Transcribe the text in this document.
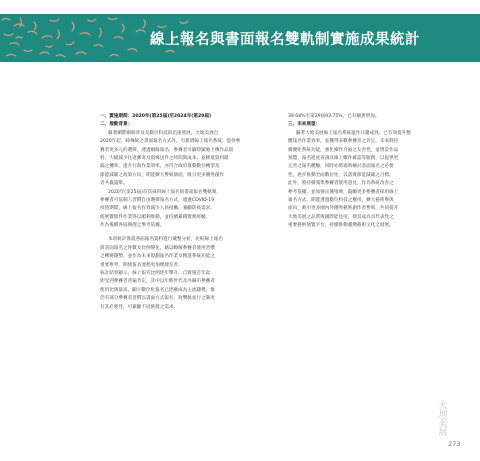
線上報名與書面報名雙軌制實施成果統計
一、實施期間：2020年(第25屆)至2024年(第29屆)
二、推動背景：
隨著網際網路普及及數位科技的迅速發展，大地美展自
2020年起，除傳統之書面報名方式外，另新增線上報名系統，提供參
賽者更多元的選擇，透過網路報名，參賽者可隨時隨地上傳作品資
料，大幅減少往返郵寄及現場送件之時間與成本，並降低資料錯
漏之機率，提升行政作業效率，亦符合政府推動數位轉型及
節能減碳之政策方向，期能擴大參與層面，吸引更多優秀創作
者共襄盛舉。
2020年(第25屆)首次採用線上報名與書面報名雙軌制，
參賽者可依個人習慣自由選擇報名方式，適逢COVID-19
疫情期間，線上報名有效減少人員接觸，兼顧防疫需求，
使展覽徵件作業得以順利推動，並持續累積實務經驗，
作為後續各屆辦理之參考依據。
本項統計係就各屆報名資料進行彙整分析，比較線上報名
與書面報名之件數及比例變化，藉以瞭解參賽者使用習慣
之轉變趨勢，並作為未來規劃報名作業及精進系統功能之
重要參考，期使報名流程更加便捷友善。
統計結果顯示，線上報名比例逐年攀升，自實施首年起
即受到參賽者普遍肯定，其中以年輕世代及外縣市參賽者
使用比例最高，顯示數位化報名已逐漸成為主流趨勢，惟
仍有部分參賽者習慣以書面方式報名，故雙軌並行之制度
有其必要性，可兼顧不同族群之需求。
39.68%至第29屆93.75%，已有顯著增加。
三、未來展望：
隨著大地美展線上報名系統運作日趨成熟，已有效提升整
體報名作業效率，並獲得多數參賽者之肯定，未來將持
續優化系統功能，強化操作介面之友善性，並增設作品
預覽、報名進度查詢及線上繳件確認等服務，以提供更
完善之報名體驗，同時亦將適時檢討書面報名之必要
性，逐步推動全面數位化，以落實節能減碳之目標。
此外，將持續蒐集參賽者使用意見，作為系統改善之
參考依據，並加強宣傳推廣，鼓勵更多參賽者採用線上
報名方式，期能透過數位科技之應用，擴大藝術參與
面向，吸引更多國內外優秀藝術創作者參與，共同提升
大地美展之品質與國際能見度，使其成為具代表性之
重要藝術展覽平台，持續推動臺灣藝術文化之發展。
大地美展
273
